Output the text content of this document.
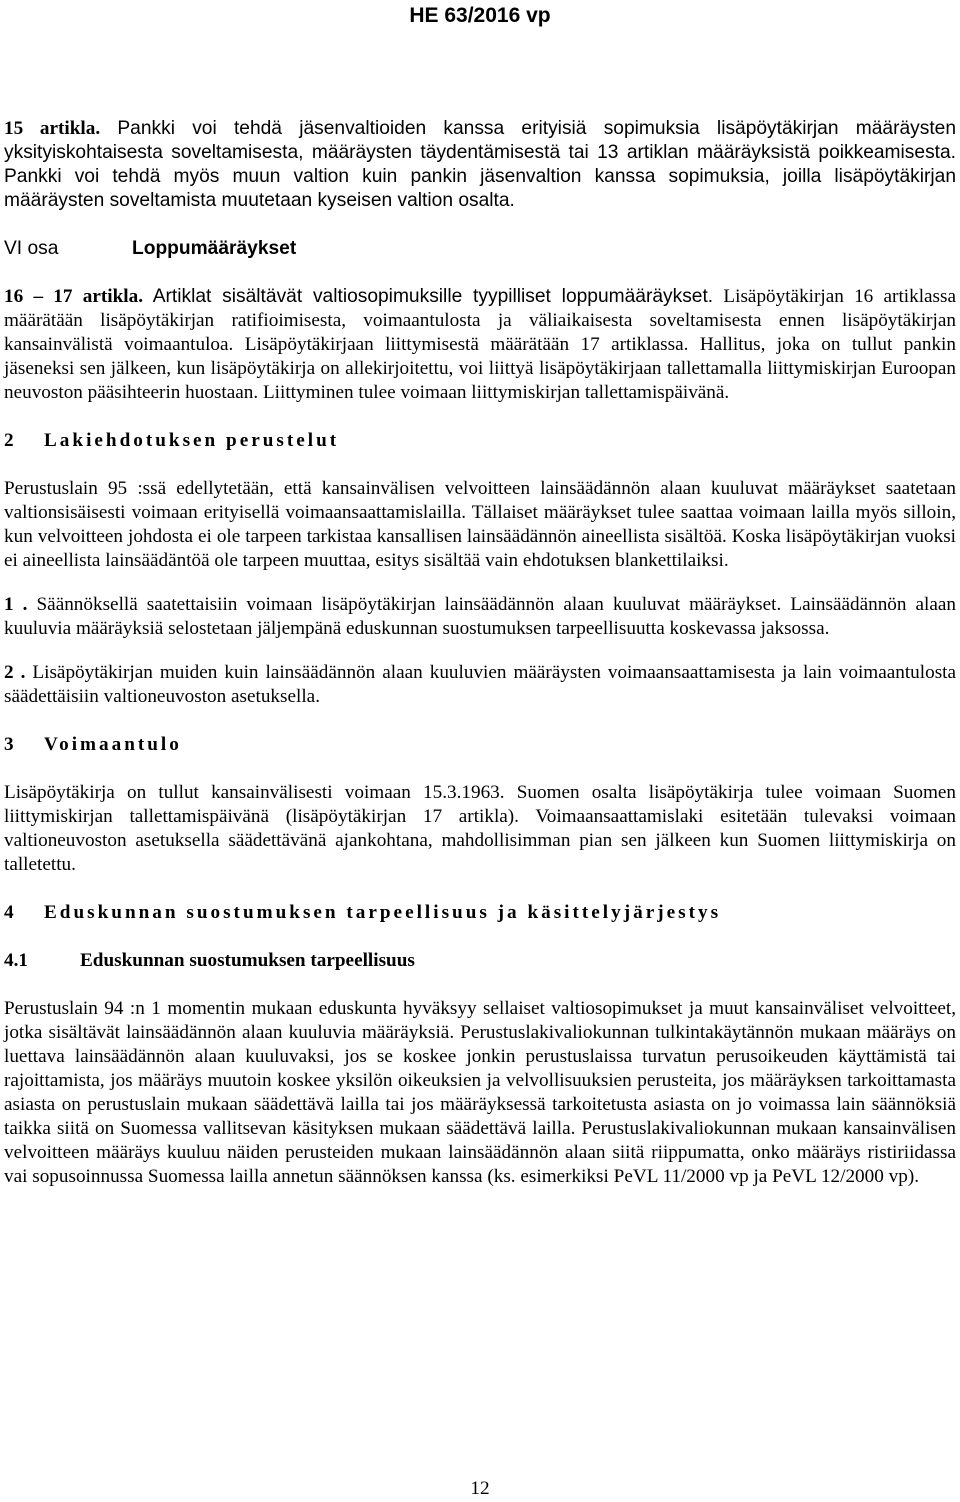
HE 63/2016 vp

15 artikla. Pankki voi tehdä jäsenvaltioiden kanssa erityisiä sopimuksia lisäpöytäkirjan määräysten yksityiskohtaisesta soveltamisesta, määräysten täydentämisestä tai 13 artiklan määräyksistä poikkeamisesta. Pankki voi tehdä myös muun valtion kuin pankin jäsenvaltion kanssa sopimuksia, joilla lisäpöytäkirjan määräysten soveltamista muutetaan kyseisen valtion osalta.

VI osa	Loppumääräykset

16 – 17 artikla. Artiklat sisältävät valtiosopimuksille tyypilliset loppumääräykset. Lisäpöytäkirjan 16 artiklassa määrätään lisäpöytäkirjan ratifioimisesta, voimaantulosta ja väliaikaisesta soveltamisesta ennen lisäpöytäkirjan kansainvälistä voimaantuloa. Lisäpöytäkirjaan liittymisestä määrätään 17 artiklassa. Hallitus, joka on tullut pankin jäseneksi sen jälkeen, kun lisäpöytäkirja on allekirjoitettu, voi liittyä lisäpöytäkirjaan tallettamalla liittymiskirjan Euroopan neuvoston pääsihteerin huostaan. Liittyminen tulee voimaan liittymiskirjan tallettamispäivänä.

2 Lakiehdotuksen perustelut

Perustuslain 95 :ssä edellytetään, että kansainvälisen velvoitteen lainsäädännön alaan kuuluvat määräykset saatetaan valtionsisäisesti voimaan erityisellä voimaansaattamislailla. Tällaiset määräykset tulee saattaa voimaan lailla myös silloin, kun velvoitteen johdosta ei ole tarpeen tarkistaa kansallisen lainsäädännön aineellista sisältöä. Koska lisäpöytäkirjan vuoksi ei aineellista lainsäädäntöä ole tarpeen muuttaa, esitys sisältää vain ehdotuksen blankettilaiksi.

1 . Säännöksellä saatettaisiin voimaan lisäpöytäkirjan lainsäädännön alaan kuuluvat määräykset. Lainsäädännön alaan kuuluvia määräyksiä selostetaan jäljempänä eduskunnan suostumuksen tarpeellisuutta koskevassa jaksossa.

2 . Lisäpöytäkirjan muiden kuin lainsäädännön alaan kuuluvien määräysten voimaansaattamisesta ja lain voimaantulosta säädettäisiin valtioneuvoston asetuksella.

3 Voimaantulo

Lisäpöytäkirja on tullut kansainvälisesti voimaan 15.3.1963. Suomen osalta lisäpöytäkirja tulee voimaan Suomen liittymiskirjan tallettamispäivänä (lisäpöytäkirjan 17 artikla). Voimaansaattamislaki esitetään tulevaksi voimaan valtioneuvoston asetuksella säädettävänä ajankohtana, mahdollisimman pian sen jälkeen kun Suomen liittymiskirja on talletettu.

4 Eduskunnan suostumuksen tarpeellisuus ja käsittelyjärjestys
4.1	Eduskunnan suostumuksen tarpeellisuus

Perustuslain 94 :n 1 momentin mukaan eduskunta hyväksyy sellaiset valtiosopimukset ja muut kansainväliset velvoitteet, jotka sisältävät lainsäädännön alaan kuuluvia määräyksiä. Perustuslakivaliokunnan tulkintakäytännön mukaan määräys on luettava lainsäädännön alaan kuuluvaksi, jos se koskee jonkin perustuslaissa turvatun perusoikeuden käyttämistä tai rajoittamista, jos määräys muutoin koskee yksilön oikeuksien ja velvollisuuksien perusteita, jos määräyksen tarkoittamasta asiasta on perustuslain mukaan säädettävä lailla tai jos määräyksessä tarkoitetusta asiasta on jo voimassa lain säännöksiä taikka siitä on Suomessa vallitsevan käsityksen mukaan säädettävä lailla. Perustuslakivaliokunnan mukaan kansainvälisen velvoitteen määräys kuuluu näiden perusteiden mukaan lainsäädännön alaan siitä riippumatta, onko määräys ristiriidassa vai sopusoinnussa Suomessa lailla annetun säännöksen kanssa (ks. esimerkiksi PeVL 11/2000 vp ja PeVL 12/2000 vp).

12
